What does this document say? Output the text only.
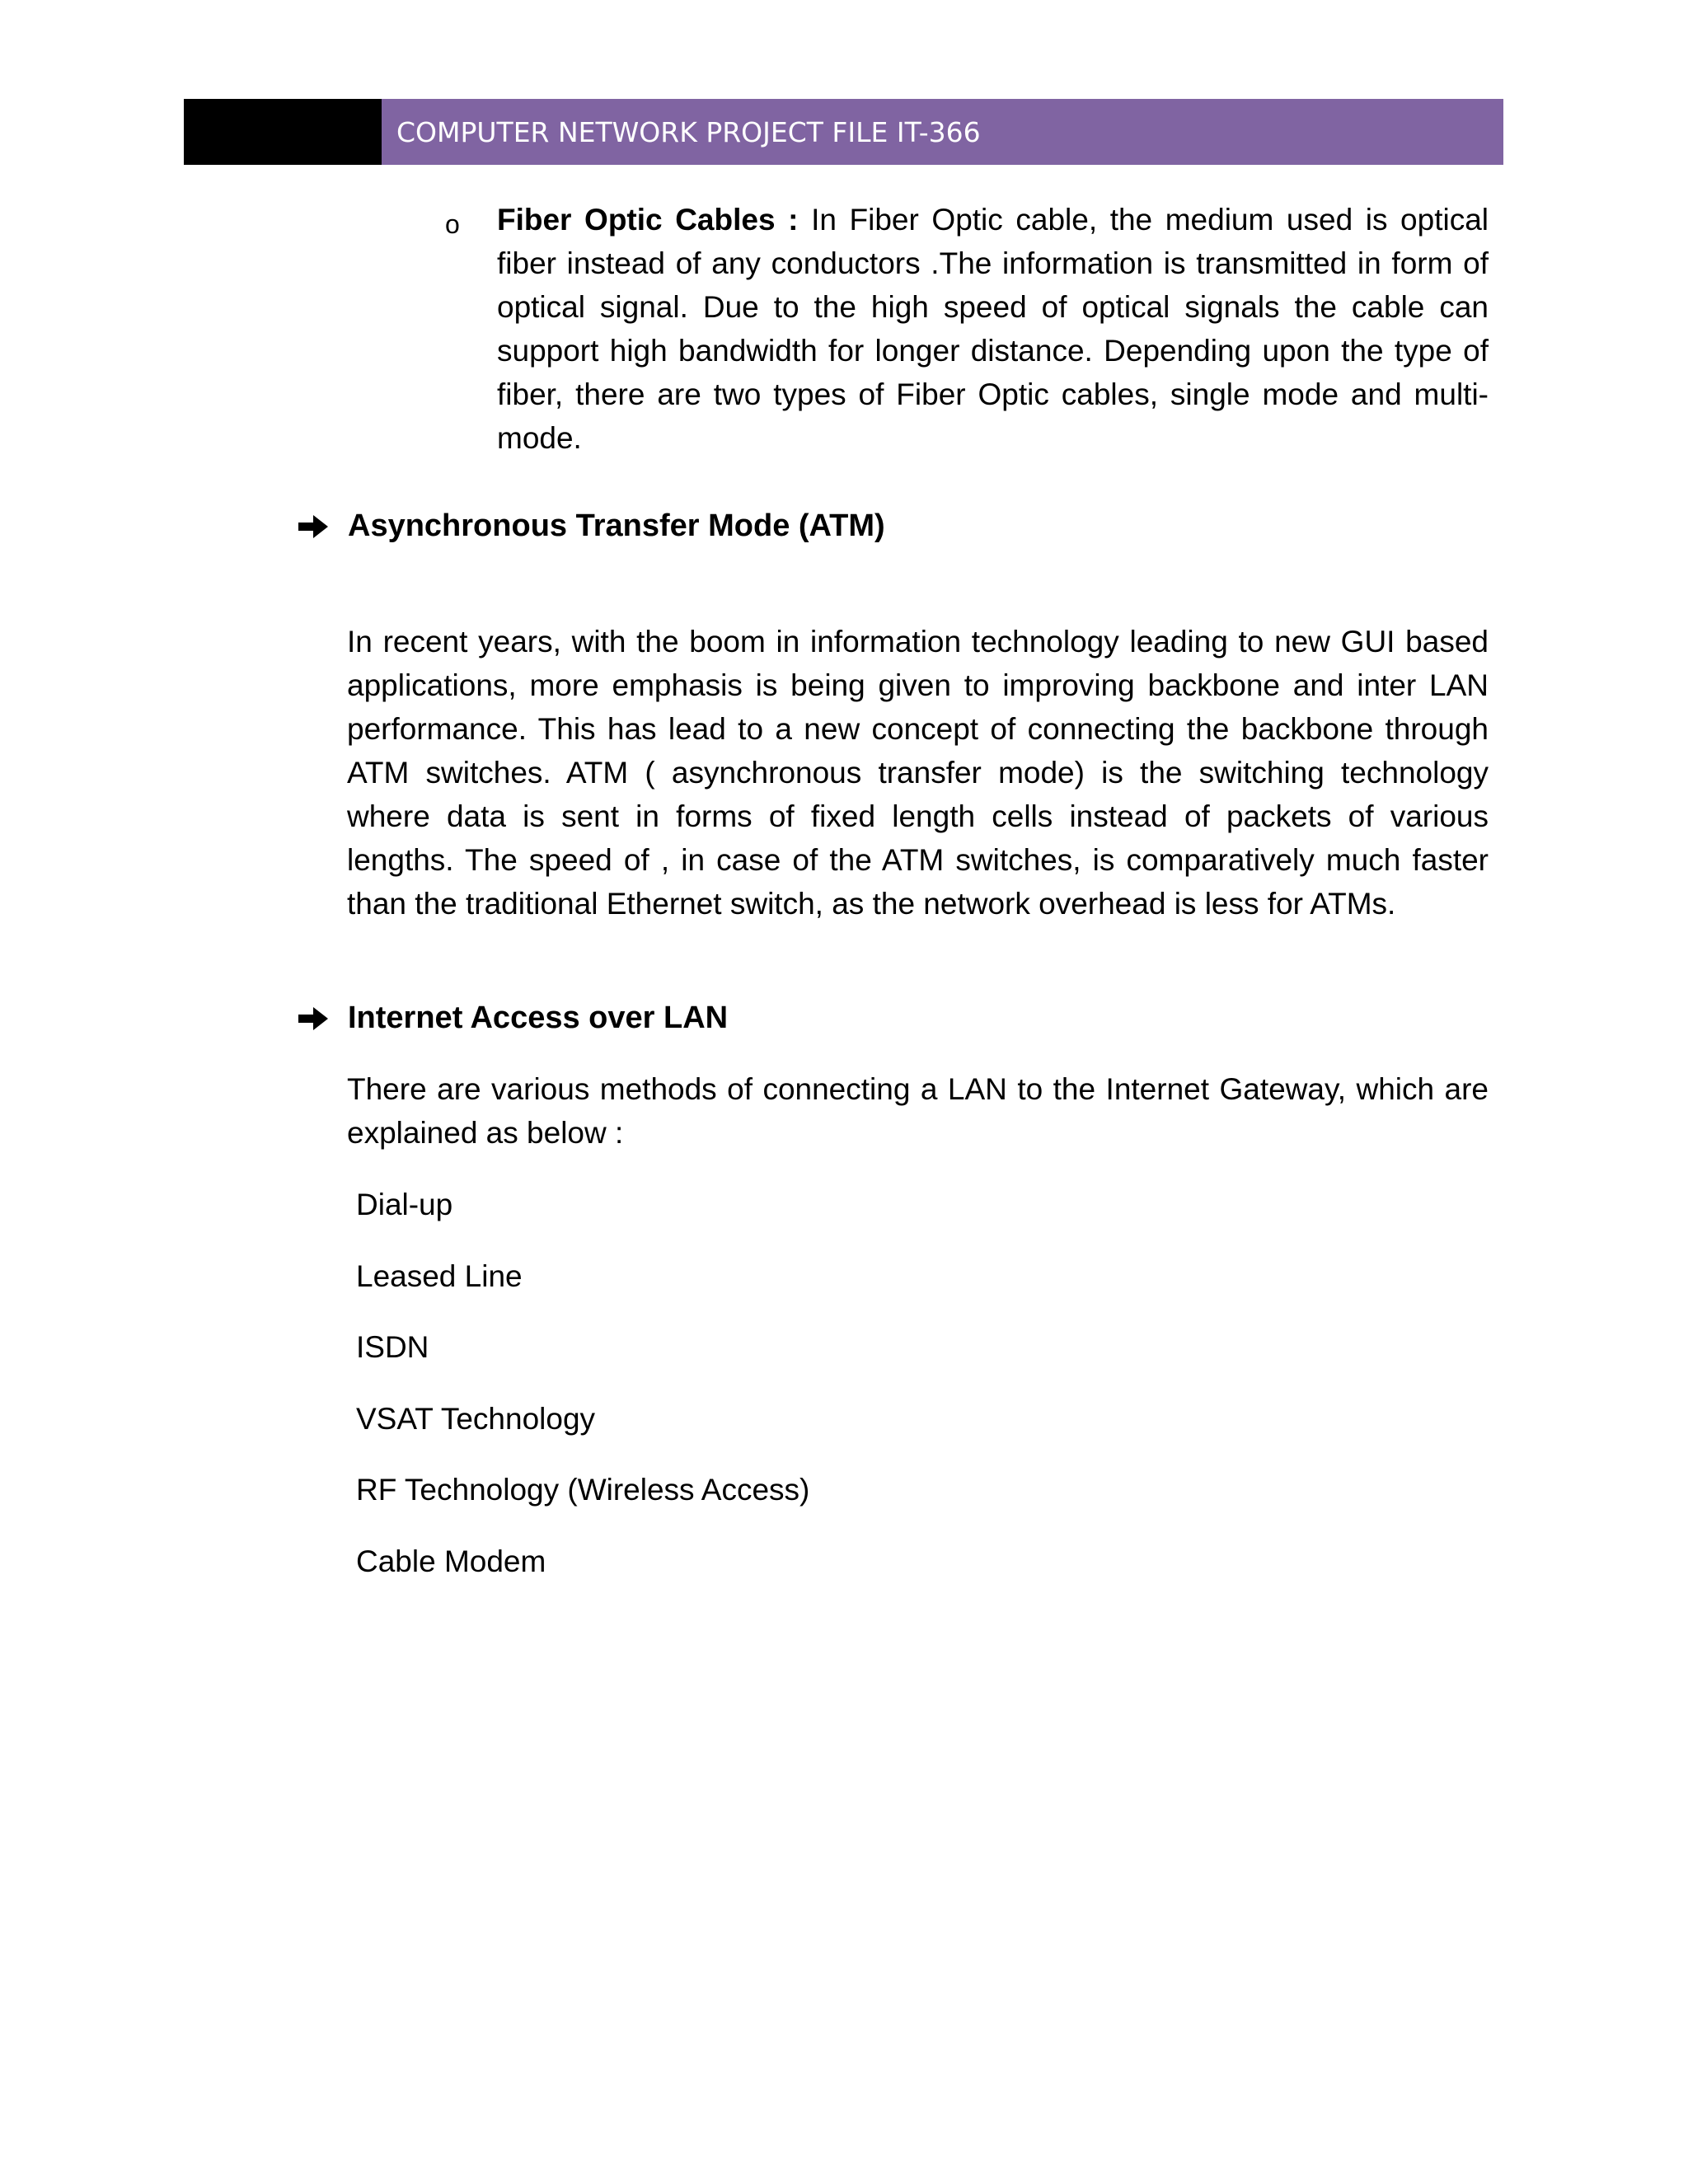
COMPUTER NETWORK PROJECT FILE IT-366
o Fiber Optic Cables : In Fiber Optic cable, the medium used is optical fiber instead of any conductors .The information is transmitted in form of optical signal. Due to the high speed of optical signals the cable can support high bandwidth for longer distance. Depending upon the type of fiber, there are two types of Fiber Optic cables, single mode and multi-mode.

Asynchronous Transfer Mode (ATM)

In recent years, with the boom in information technology leading to new GUI based applications, more emphasis is being given to improving backbone and inter LAN performance. This has lead to a new concept of connecting the backbone through ATM switches. ATM ( asynchronous transfer mode) is the switching technology where data is sent in forms of fixed length cells instead of packets of various lengths. The speed of , in case of the ATM switches, is comparatively much faster than the traditional Ethernet switch, as the network overhead is less for ATMs.

Internet Access over LAN

There are various methods of connecting a LAN to the Internet Gateway, which are explained as below :

Dial-up
Leased Line
ISDN
VSAT Technology
RF Technology (Wireless Access)
Cable Modem
